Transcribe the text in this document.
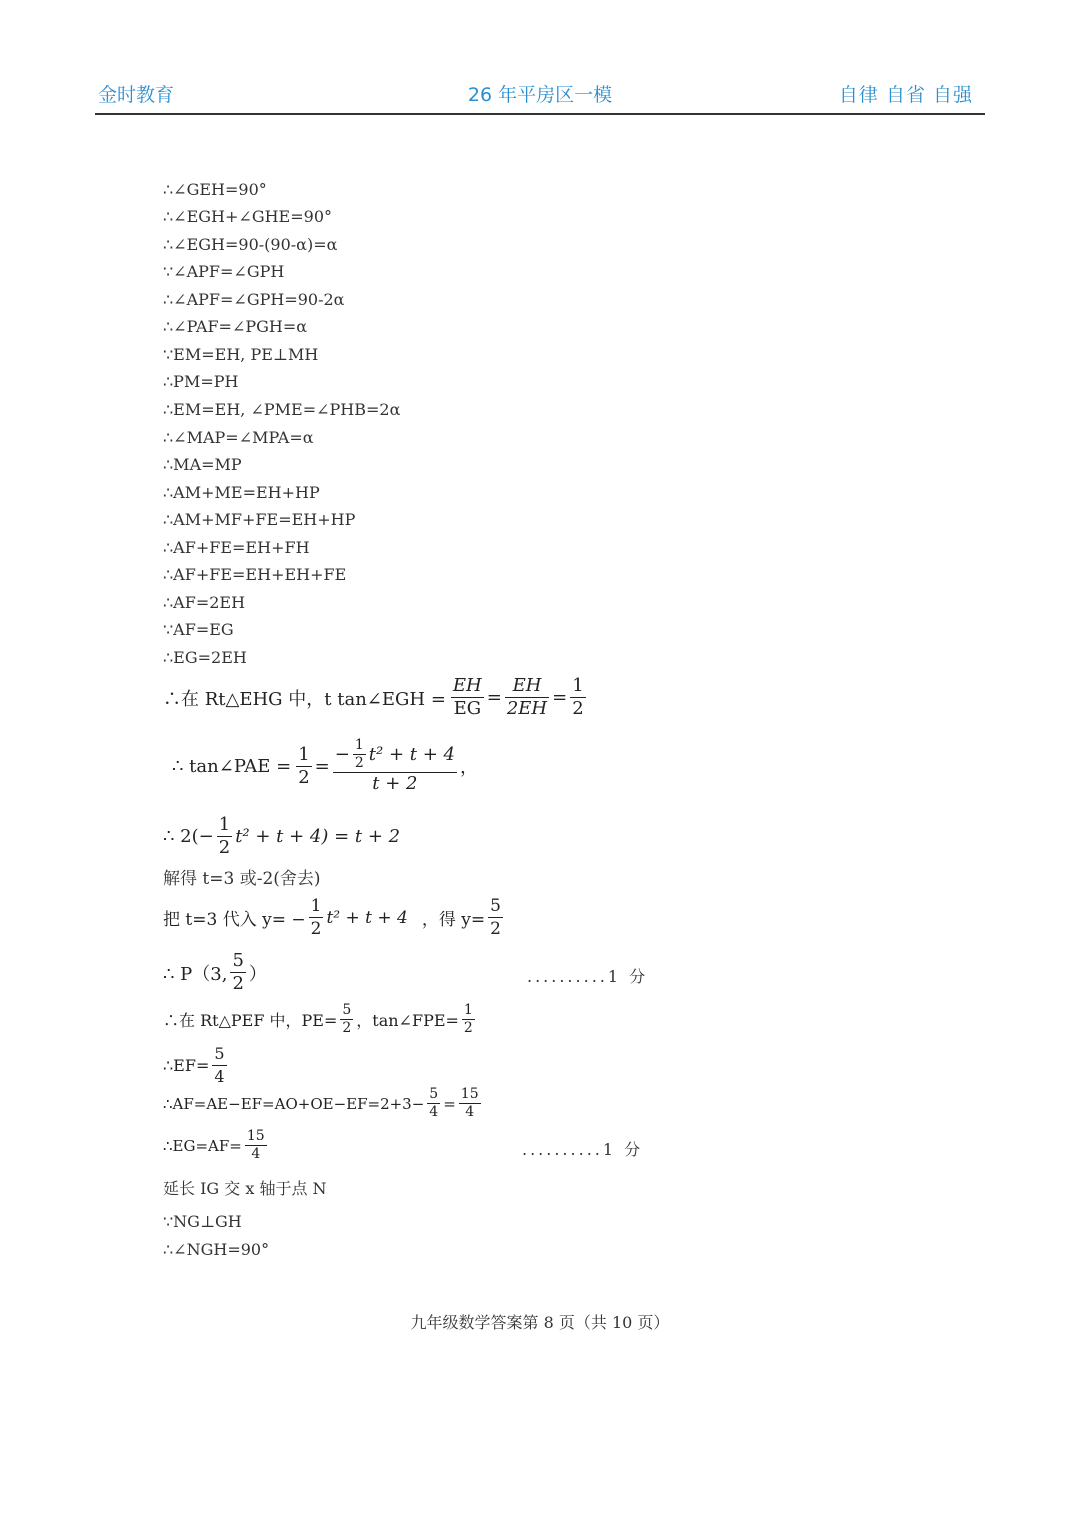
金时教育	26 年平房区一模	自律 自省 自强
∴∠GEH=90°
∴∠EGH+∠GHE=90°
∴∠EGH=90-(90-α)=α
∵∠APF=∠GPH
∴∠APF=∠GPH=90-2α
∴∠PAF=∠PGH=α
∵EM=EH, PE⊥MH
∴PM=PH
∴EM=EH, ∠PME=∠PHB=2α
∴∠MAP=∠MPA=α
∴MA=MP
∴AM+ME=EH+HP
∴AM+MF+FE=EH+HP
∴AF+FE=EH+FH
∴AF+FE=EH+EH+FE
∴AF=2EH
∵AF=EG
∴EG=2EH
∴在 Rt△EHG 中，t tan∠EGH = $\frac{EH}{EG} = \frac{EH}{2EH} = \frac{1}{2}$
∴ tan∠PAE = $\frac{1}{2} = \frac{- \frac{1}{2} t^2 + t + 4}{t + 2}$ ，
∴ $2(- \frac{1}{2} t^2 + t + 4) = t + 2$
解得 t=3 或-2(舍去)
把 t=3 代入 $y= - \frac{1}{2} t^2 + t + 4$ ，得 $y= \frac{5}{2}$
∴ P（3, $\frac{5}{2}$ ）	..........1 分
∴在 Rt△PEF 中，$PE= \frac{5}{2}$ ，tan∠FPE= $\frac{1}{2}$
∴EF= $\frac{5}{4}$
∴AF=AE−EF=AO+OE−EF=2+3− $\frac{5}{4} = \frac{15}{4}$
∴EG=AF= $\frac{15}{4}$	..........1 分
延长 IG 交 x 轴于点 N
∵NG⊥GH
∴∠NGH=90°
九年级数学答案第 8 页（共 10 页）
